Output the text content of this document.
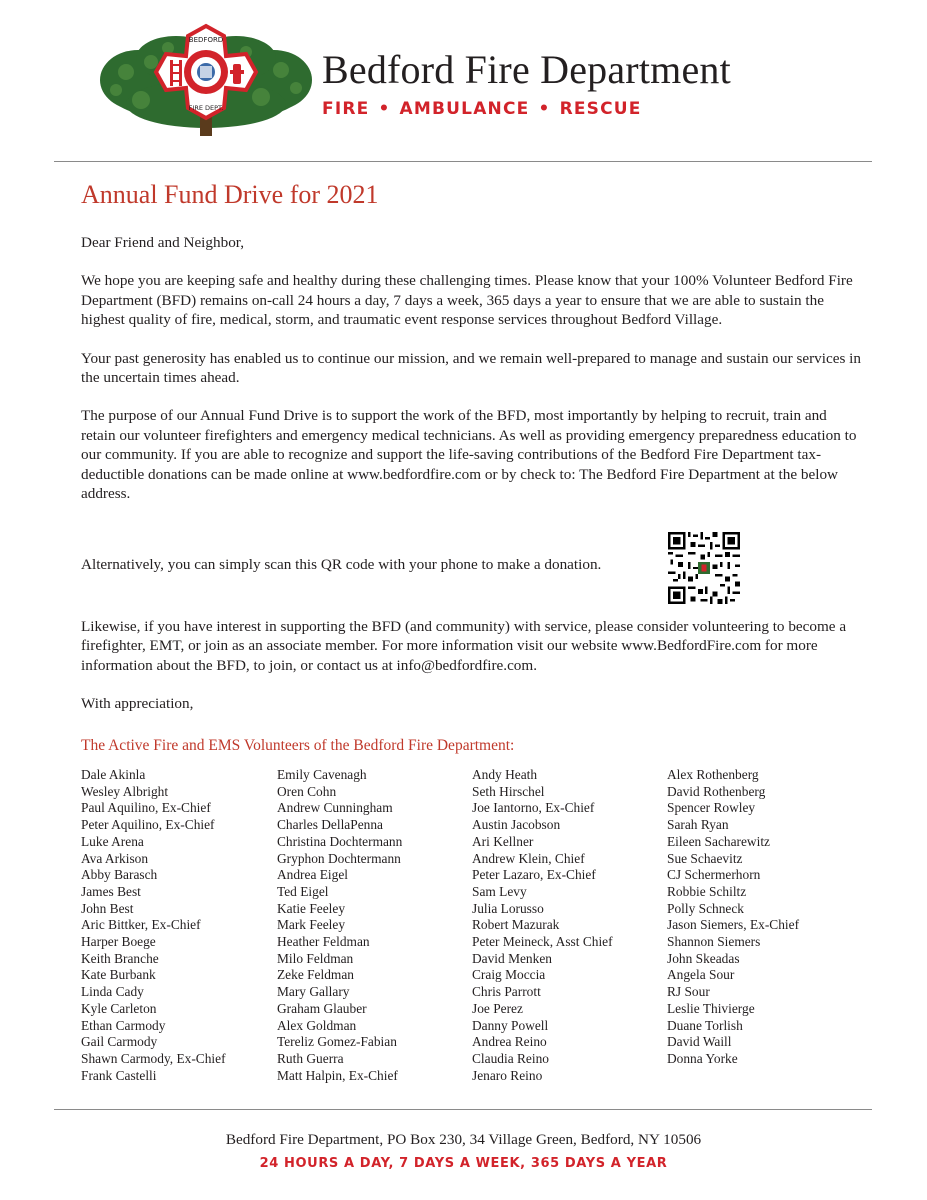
BEDFORD
FIRE DEPT.
Bedford Fire Department
FIRE • AMBULANCE • RESCUE
Annual Fund Drive for 2021

Dear Friend and Neighbor,

We hope you are keeping safe and healthy during these challenging times. Please know that your 100% Volunteer Bedford Fire Department (BFD) remains on-call 24 hours a day, 7 days a week, 365 days a year to ensure that we are able to sustain the highest quality of fire, medical, storm, and traumatic event response services throughout Bedford Village.

Your past generosity has enabled us to continue our mission, and we remain well-prepared to manage and sustain our services in the uncertain times ahead.

The purpose of our Annual Fund Drive is to support the work of the BFD, most importantly by helping to recruit, train and retain our volunteer firefighters and emergency medical technicians. As well as providing emergency preparedness education to our community. If you are able to recognize and support the life-saving contributions of the Bedford Fire Department tax-deductible donations can be made online at www.bedfordfire.com or by check to: The Bedford Fire Department at the below address.

Alternatively, you can simply scan this QR code with your phone to make a donation.

Likewise, if you have interest in supporting the BFD (and community) with service, please consider volunteering to become a firefighter, EMT, or join as an associate member. For more information visit our website www.BedfordFire.com for more information about the BFD, to join, or contact us at info@bedfordfire.com.

With appreciation,

The Active Fire and EMS Volunteers of the Bedford Fire Department:
Dale Akinla
Wesley Albright
Paul Aquilino, Ex-Chief
Peter Aquilino, Ex-Chief
Luke Arena
Ava Arkison
Abby Barasch
James Best
John Best
Aric Bittker, Ex-Chief
Harper Boege
Keith Branche
Kate Burbank
Linda Cady
Kyle Carleton
Ethan Carmody
Gail Carmody
Shawn Carmody, Ex-Chief
Frank Castelli
Emily Cavenagh
Oren Cohn
Andrew Cunningham
Charles DellaPenna
Christina Dochtermann
Gryphon Dochtermann
Andrea Eigel
Ted Eigel
Katie Feeley
Mark Feeley
Heather Feldman
Milo Feldman
Zeke Feldman
Mary Gallary
Graham Glauber
Alex Goldman
Tereliz Gomez-Fabian
Ruth Guerra
Matt Halpin, Ex-Chief
Andy Heath
Seth Hirschel
Joe Iantorno, Ex-Chief
Austin Jacobson
Ari Kellner
Andrew Klein, Chief
Peter Lazaro, Ex-Chief
Sam Levy
Julia Lorusso
Robert Mazurak
Peter Meineck, Asst Chief
David Menken
Craig Moccia
Chris Parrott
Joe Perez
Danny Powell
Andrea Reino
Claudia Reino
Jenaro Reino
Alex Rothenberg
David Rothenberg
Spencer Rowley
Sarah Ryan
Eileen Sacharewitz
Sue Schaevitz
CJ Schermerhorn
Robbie Schiltz
Polly Schneck
Jason Siemers, Ex-Chief
Shannon Siemers
John Skeadas
Angela Sour
RJ Sour
Leslie Thivierge
Duane Torlish
David Waill
Donna Yorke
Bedford Fire Department, PO Box 230, 34 Village Green, Bedford, NY 10506
24 HOURS A DAY, 7 DAYS A WEEK, 365 DAYS A YEAR
